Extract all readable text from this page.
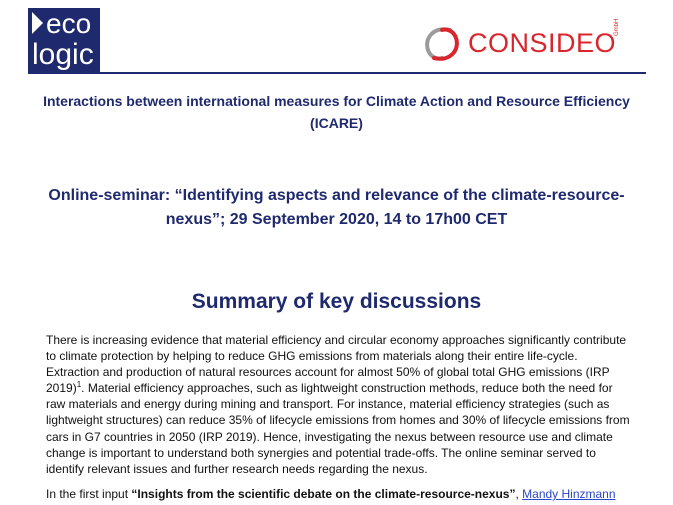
eco
logic	CONSIDEO
GmbH
Interactions between international measures for Climate Action and Resource Efficiency (ICARE)
Online-seminar: “Identifying aspects and relevance of the climate-resource-nexus”; 29 September 2020, 14 to 17h00 CET
Summary of key discussions

There is increasing evidence that material efficiency and circular economy approaches significantly contribute to climate protection by helping to reduce GHG emissions from materials along their entire life-cycle. Extraction and production of natural resources account for almost 50% of global total GHG emissions (IRP 2019)$^1$. Material efficiency approaches, such as lightweight construction methods, reduce both the need for raw materials and energy during mining and transport. For instance, material efficiency strategies (such as lightweight structures) can reduce 35% of lifecycle emissions from homes and 30% of lifecycle emissions from cars in G7 countries in 2050 (IRP 2019). Hence, investigating the nexus between resource use and climate change is important to understand both synergies and potential trade-offs. The online seminar served to identify relevant issues and further research needs regarding the nexus.

In the first input “Insights from the scientific debate on the climate-resource-nexus”, Mandy Hinzmann
